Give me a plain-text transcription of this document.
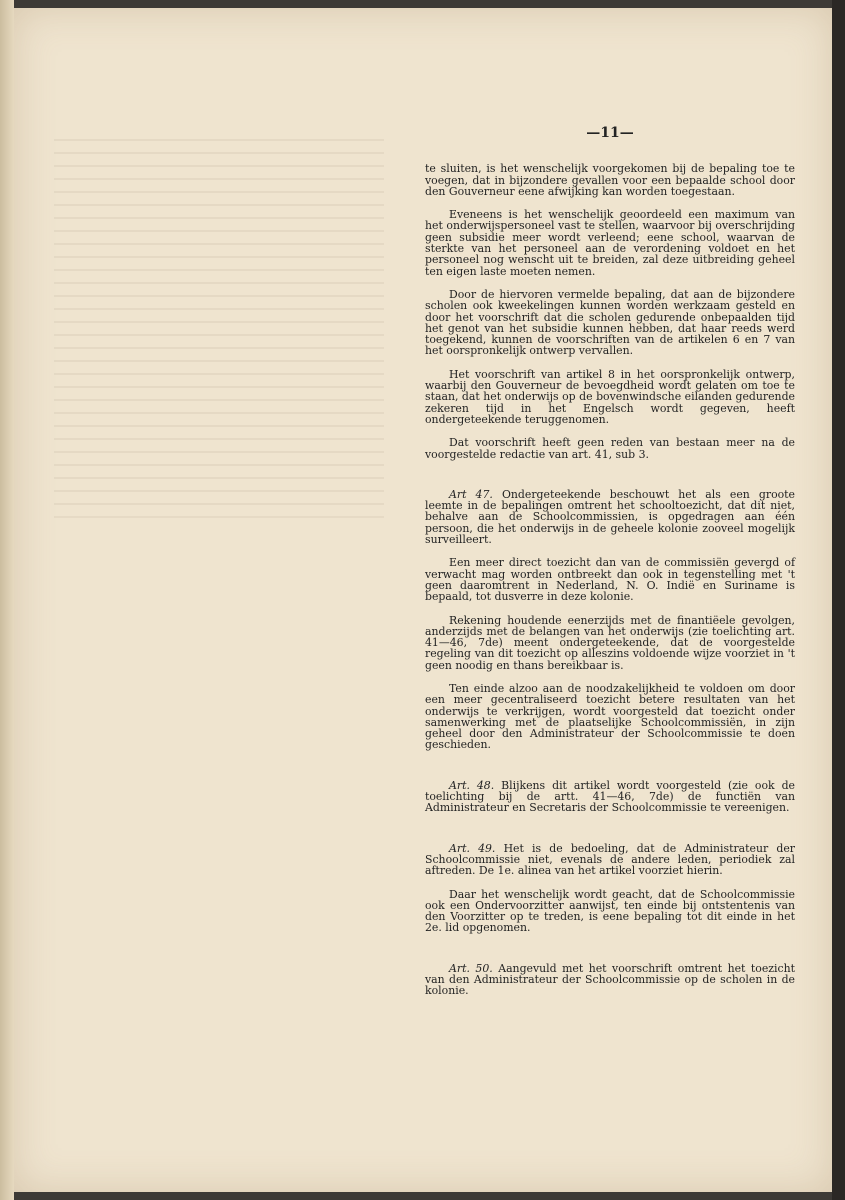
—11—

te sluiten, is het wenschelijk voorgekomen bij de bepaling toe te voegen, dat in bijzondere gevallen voor een bepaalde school door den Gouverneur eene afwijking kan worden toegestaan.

Eveneens is het wenschelijk geoordeeld een maximum van het onderwijspersoneel vast te stellen, waarvoor bij overschrijding geen subsidie meer wordt verleend; eene school, waarvan de sterkte van het personeel aan de verordening voldoet en het personeel nog wenscht uit te breiden, zal deze uitbreiding geheel ten eigen laste moeten nemen.

Door de hiervoren vermelde bepaling, dat aan de bijzondere scholen ook kweekelingen kunnen worden werkzaam gesteld en door het voorschrift dat die scholen gedurende onbepaalden tijd het genot van het subsidie kunnen hebben, dat haar reeds werd toegekend, kunnen de voorschriften van de artikelen 6 en 7 van het oorspronkelijk ontwerp vervallen.

Het voorschrift van artikel 8 in het oorspronkelijk ontwerp, waarbij den Gouverneur de bevoegdheid wordt gelaten om toe te staan, dat het onderwijs op de bovenwindsche eilanden gedurende zekeren tijd in het Engelsch wordt gegeven, heeft ondergeteekende teruggenomen.

Dat voorschrift heeft geen reden van bestaan meer na de voorgestelde redactie van art. 41, sub 3.

Art 47. Ondergeteekende beschouwt het als een groote leemte in de bepalingen omtrent het schooltoezicht, dat dit niet, behalve aan de Schoolcommissien, is opgedragen aan één persoon, die het onderwijs in de geheele kolonie zooveel mogelijk surveilleert.

Een meer direct toezicht dan van de commissiën gevergd of verwacht mag worden ontbreekt dan ook in tegenstelling met 't geen daaromtrent in Nederland, N. O. Indië en Suriname is bepaald, tot dusverre in deze kolonie.

Rekening houdende eenerzijds met de finantiëele gevolgen, anderzijds met de belangen van het onderwijs (zie toelichting art. 41—46, 7de) meent ondergeteekende, dat de voorgestelde regeling van dit toezicht op alleszins voldoende wijze voorziet in 't geen noodig en thans bereikbaar is.

Ten einde alzoo aan de noodzakelijkheid te voldoen om door een meer gecentraliseerd toezicht betere resultaten van het onderwijs te verkrijgen, wordt voorgesteld dat toezicht onder samenwerking met de plaatselijke Schoolcommissiën, in zijn geheel door den Administrateur der Schoolcommissie te doen geschieden.

Art. 48. Blijkens dit artikel wordt voorgesteld (zie ook de toelichting bij de artt. 41—46, 7de) de functiën van Administrateur en Secretaris der Schoolcommissie te vereenigen.

Art. 49. Het is de bedoeling, dat de Administrateur der Schoolcommissie niet, evenals de andere leden, periodiek zal aftreden. De 1e. alinea van het artikel voorziet hierin.

Daar het wenschelijk wordt geacht, dat de Schoolcommissie ook een Ondervoorzitter aanwijst, ten einde bij ontstentenis van den Voorzitter op te treden, is eene bepaling tot dit einde in het 2e. lid opgenomen.

Art. 50. Aangevuld met het voorschrift omtrent het toezicht van den Administrateur der Schoolcommissie op de scholen in de kolonie.
